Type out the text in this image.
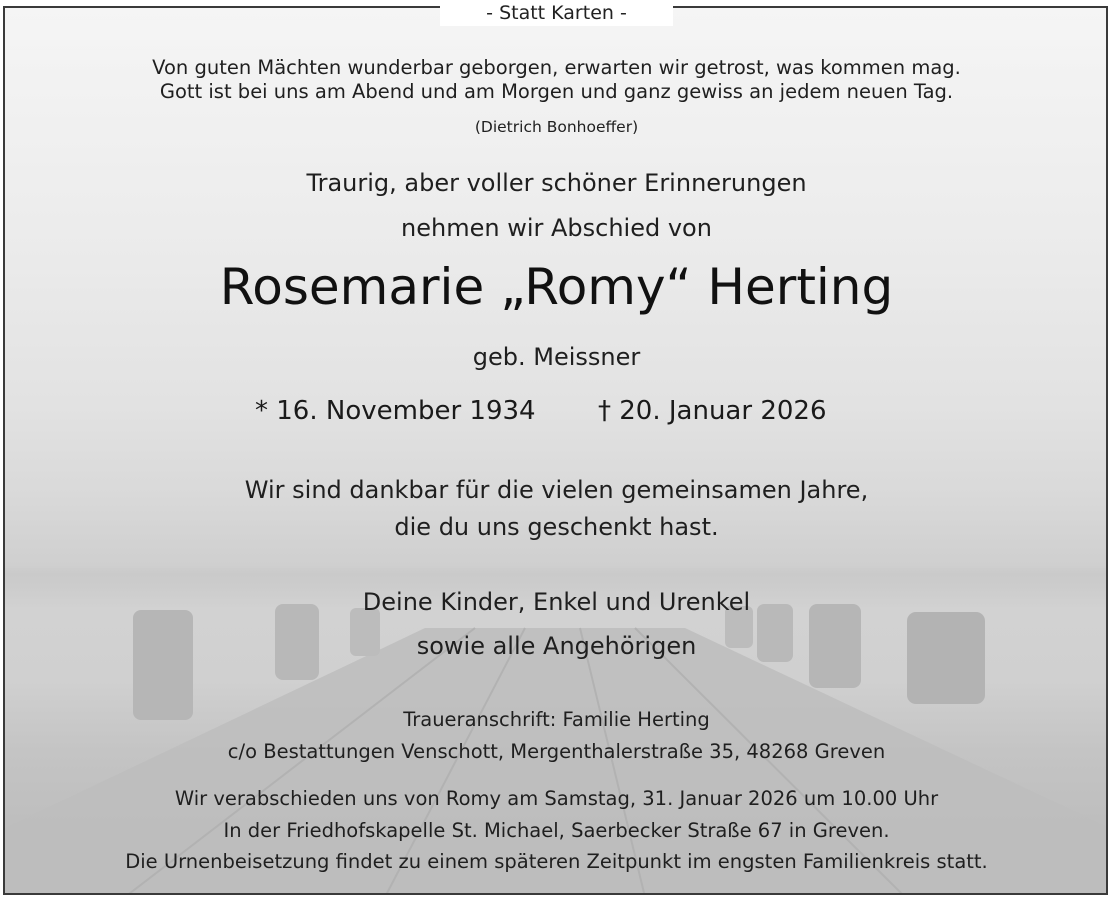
- Statt Karten -
Von guten Mächten wunderbar geborgen, erwarten wir getrost, was kommen mag.
Gott ist bei uns am Abend und am Morgen und ganz gewiss an jedem neuen Tag.
(Dietrich Bonhoeffer)
Traurig, aber voller schöner Erinnerungen
nehmen wir Abschied von
Rosemarie „Romy“ Herting
geb. Meissner
* 16. November 1934 † 20. Januar 2026
Wir sind dankbar für die vielen gemeinsamen Jahre,
die du uns geschenkt hast.
Deine Kinder, Enkel und Urenkel
sowie alle Angehörigen
Traueranschrift: Familie Herting
c/o Bestattungen Venschott, Mergenthalerstraße 35, 48268 Greven
Wir verabschieden uns von Romy am Samstag, 31. Januar 2026 um 10.00 Uhr
In der Friedhofskapelle St. Michael, Saerbecker Straße 67 in Greven.
Die Urnenbeisetzung findet zu einem späteren Zeitpunkt im engsten Familienkreis statt.
